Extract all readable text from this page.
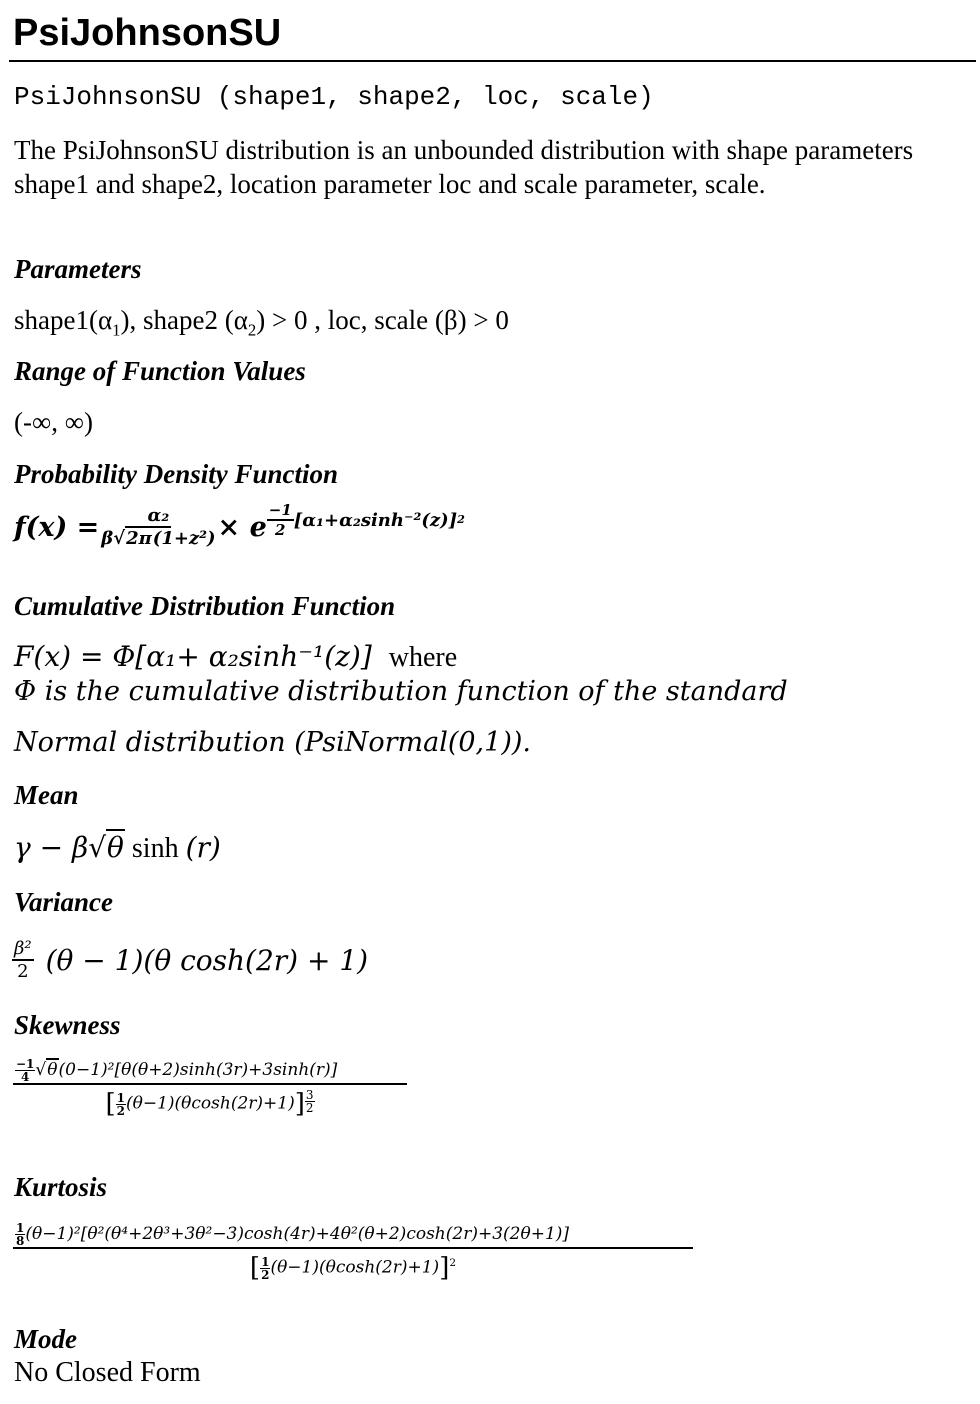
PsiJohnsonSU
PsiJohnsonSU (shape1, shape2, loc, scale)
The PsiJohnsonSU distribution is an unbounded distribution with shape parameters shape1 and shape2, location parameter loc and scale parameter, scale.
Parameters
$shape1(\alpha_1)$, shape2 $(\alpha_2) > 0$ , loc, scale (β) > 0
Range of Function Values
(-∞, ∞)
Probability Density Function
$f(x) = \frac{\text{α₂}}{\text{β√2π(1+z²)}} \times e \frac{-1}{2} [\alpha_1+\alpha_2\sinh^{-2}(z)]$ 2
Cumulative Distribution Function
F(x) = Φ[α₁+ α₂sinh⁻¹(z)] where
Φ is the cumulative distribution function of the standard
Normal distribution (PsiNormal(0,1)).
Mean
γ − β√θ sinh (r)
Variance
$\frac{\text{β²}}{2} (\theta - 1)(\theta$ cosh(2r) + 1)
Skewness
$\frac{\frac{-1}{4} √\theta(0-1)^2[\theta(\theta+2)\sinh(3r)+3\sinh(r)]}{[ \frac{1}{2} (\theta-1)(\theta\cosh(2r)+1)] \frac{3}{2}}$
Kurtosis
$\frac{\frac{1}{8} (\theta-1)^2[\theta^2(\theta^4+2\theta^3+3\theta^2-3)\cosh(4r)+4\theta^2(\theta+2)\cosh(2r)+3(2\theta+1)]}{[ \frac{1}{2} (\theta-1)(\theta\cosh(2r)+1)]^2}$
Mode
No Closed Form
